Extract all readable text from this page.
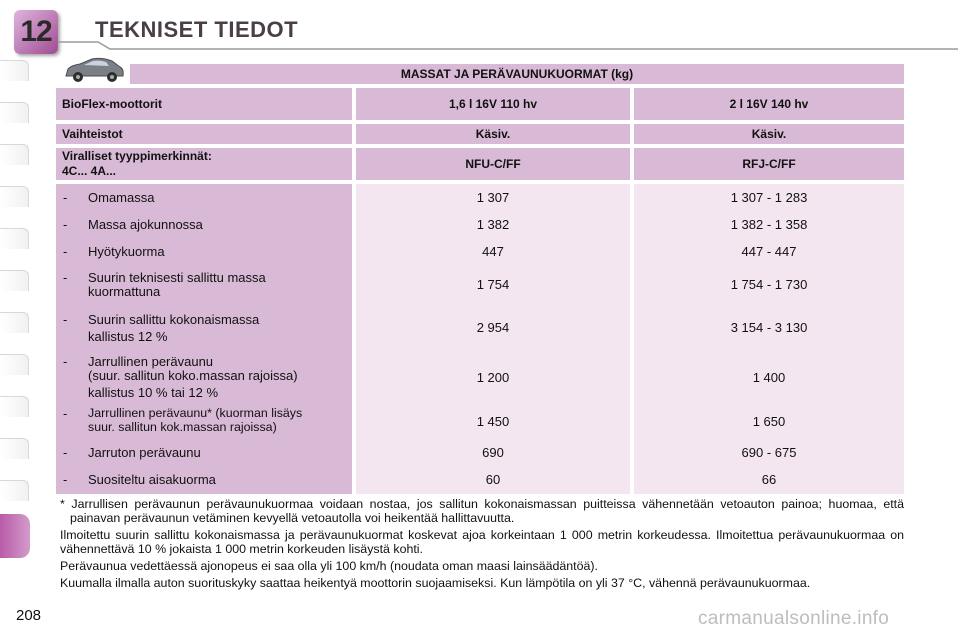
12 TEKNISET TIEDOT
MASSAT JA PERÄVAUNUKUORMAT (kg)
BioFlex-moottorit	1,6 l 16V 110 hv	2 l 16V 140 hv
Vaihteistot	Käsiv.	Käsiv.
Viralliset tyyppimerkinnät:
4C... 4A...	NFU-C/FF	RFJ-C/FF
- Omamassa	1 307	1 307 - 1 283
- Massa ajokunnossa	1 382	1 382 - 1 358
- Hyötykuorma	447	447 - 447
- Suurin teknisesti sallittu massa
kuormattuna	1 754	1 754 - 1 730
- Suurin sallittu kokonaismassa
kallistus 12 %
2 954	3 154 - 3 130
- Jarrullinen perävaunu
(suur. sallitun koko.massan rajoissa)
kallistus 10 % tai 12 %
1 200	1 400
- Jarrullinen perävaunu* (kuorman lisäys
suur. sallitun kok.massan rajoissa)	1 450	1 650
- Jarruton perävaunu	690	690 - 675
- Suositeltu aisakuorma	60	66

* Jarrullisen perävaunun perävaunukuormaa voidaan nostaa, jos sallitun kokonaismassan puitteissa vähennetään vetoauton painoa; huomaa, että painavan perävaunun vetäminen kevyellä vetoautolla voi heikentää hallittavuutta.

Ilmoitettu suurin sallittu kokonaismassa ja perävaunukuormat koskevat ajoa korkeintaan 1 000 metrin korkeudessa. Ilmoitettua perävaunukuormaa on vähennettävä 10 % jokaista 1 000 metrin korkeuden lisäystä kohti.

Perävaunua vedettäessä ajonopeus ei saa olla yli 100 km/h (noudata oman maasi lainsäädäntöä).

Kuumalla ilmalla auton suorituskyky saattaa heikentyä moottorin suojaamiseksi. Kun lämpötila on yli 37 °C, vähennä perävaunukuormaa.

208	carmanualsonline.info
